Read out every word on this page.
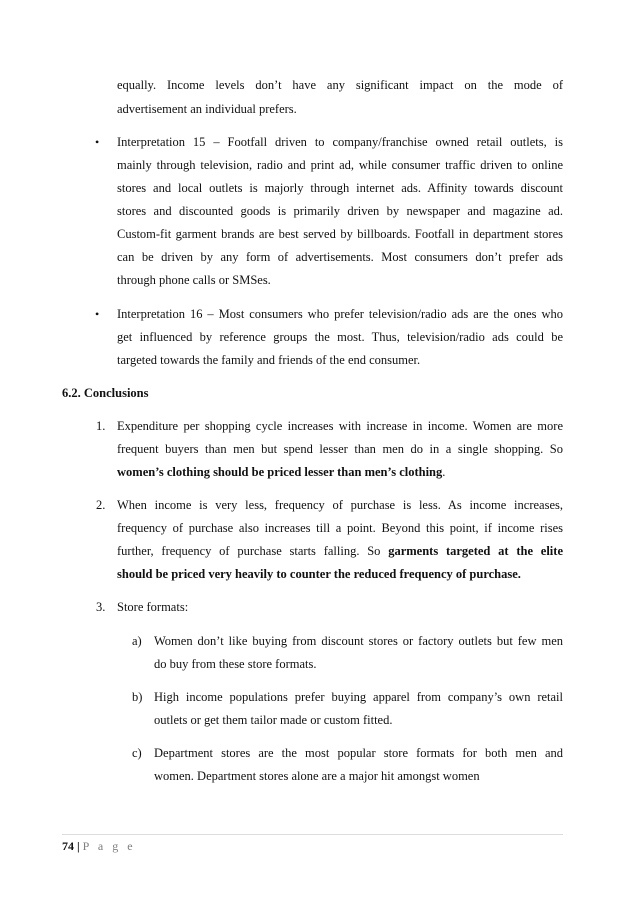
equally. Income levels don’t have any significant impact on the mode of
advertisement an individual prefers.
• Interpretation 15 – Footfall driven to company/franchise owned retail outlets, is
mainly through television, radio and print ad, while consumer traffic driven to online
stores and local outlets is majorly through internet ads. Affinity towards discount
stores and discounted goods is primarily driven by newspaper and magazine ad.
Custom-fit garment brands are best served by billboards. Footfall in department stores
can be driven by any form of advertisements. Most consumers don’t prefer ads
through phone calls or SMSes.
• Interpretation 16 – Most consumers who prefer television/radio ads are the ones who
get influenced by reference groups the most. Thus, television/radio ads could be
targeted towards the family and friends of the end consumer.
6.2. Conclusions
1. Expenditure per shopping cycle increases with increase in income. Women are more
frequent buyers than men but spend lesser than men do in a single shopping. So
women’s clothing should be priced lesser than men’s clothing.
2. When income is very less, frequency of purchase is less. As income increases,
frequency of purchase also increases till a point. Beyond this point, if income rises
further, frequency of purchase starts falling. So garments targeted at the elite
should be priced very heavily to counter the reduced frequency of purchase.
3. Store formats:
a) Women don’t like buying from discount stores or factory outlets but few men
do buy from these store formats.
b) High income populations prefer buying apparel from company’s own retail
outlets or get them tailor made or custom fitted.
c) Department stores are the most popular store formats for both men and
women. Department stores alone are a major hit amongst women
74 | P a g e
